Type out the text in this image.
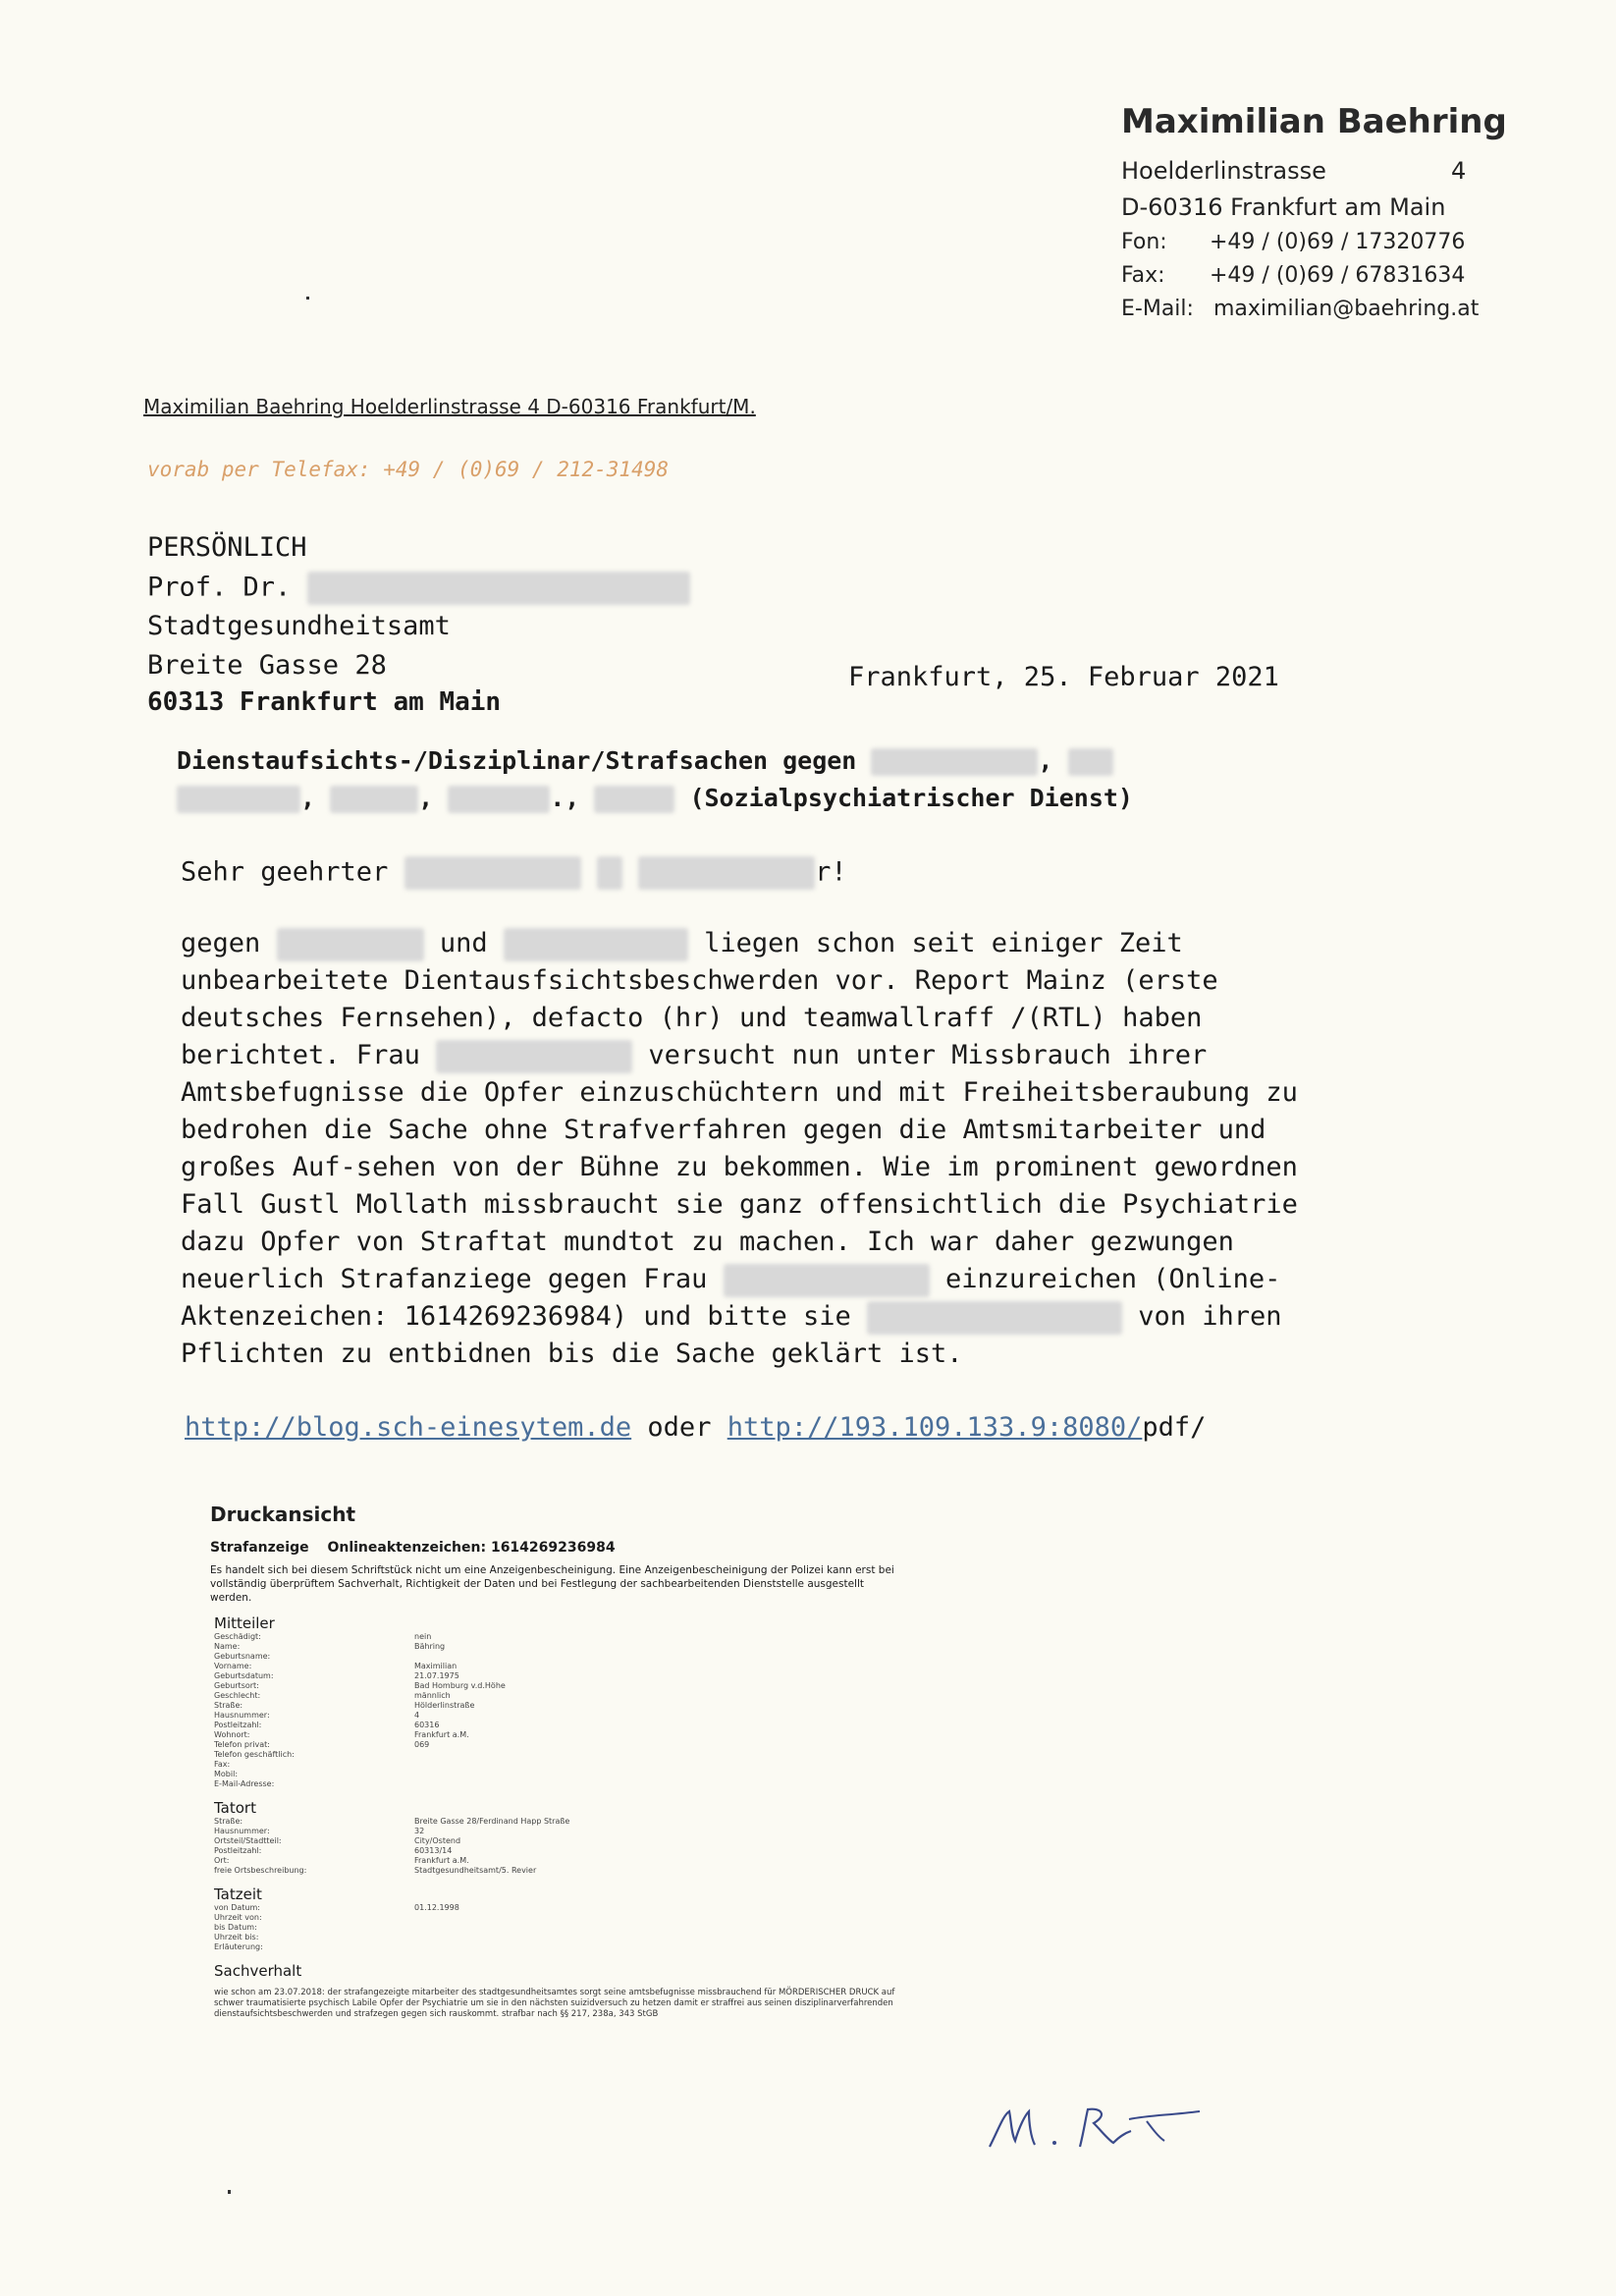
Maximilian Baehring
Hoelderlinstrasse	4
D-60316 Frankfurt am Main
Fon: +49 / (0)69 / 17320776
Fax: +49 / (0)69 / 67831634
E-Mail: maximilian@baehring.at
Maximilian Baehring Hoelderlinstrasse 4 D-60316 Frankfurt/M.
vorab per Telefax: +49 / (0)69 / 212-31498
PERSÖNLICH
Prof. Dr.
Stadtgesundheitsamt
Breite Gasse 28
60313 Frankfurt am Main
Frankfurt, 25. Februar 2021
Dienstaufsichts-/Disziplinar/Strafsachen gegen	,
,	,	.,	(Sozialpsychiatrischer Dienst)
Sehr geehrter	r!
gegen	und	liegen schon seit einiger Zeit
unbearbeitete Dientausfsichtsbeschwerden vor. Report Mainz (erste
deutsches Fernsehen), defacto (hr) und teamwallraff /(RTL) haben
berichtet. Frau	versucht nun unter Missbrauch ihrer
Amtsbefugnisse die Opfer einzuschüchtern und mit Freiheitsberaubung zu
bedrohen die Sache ohne Strafverfahren gegen die Amtsmitarbeiter und
großes Auf-sehen von der Bühne zu bekommen. Wie im prominent gewordnen
Fall Gustl Mollath missbraucht sie ganz offensichtlich die Psychiatrie
dazu Opfer von Straftat mundtot zu machen. Ich war daher gezwungen
neuerlich Strafanziege gegen Frau	einzureichen (Online-
Aktenzeichen: 1614269236984) und bitte sie	von ihren
Pflichten zu entbidnen bis die Sache geklärt ist.
http://blog.sch-einesytem.de oder http://193.109.133.9:8080/pdf/
Druckansicht
Strafanzeige Onlineaktenzeichen: 1614269236984
Es handelt sich bei diesem Schriftstück nicht um eine Anzeigenbescheinigung. Eine Anzeigenbescheinigung der Polizei kann erst bei vollständig überprüftem Sachverhalt, Richtigkeit der Daten und bei Festlegung der sachbearbeitenden Dienststelle ausgestellt werden.
Mitteiler
Geschädigt:	nein
Name:	Bähring
Geburtsname:
Vorname:	Maximilian
Geburtsdatum:	21.07.1975
Geburtsort:	Bad Homburg v.d.Höhe
Geschlecht:	männlich
Straße:	Hölderlinstraße
Hausnummer:	4
Postleitzahl:	60316
Wohnort:	Frankfurt a.M.
Telefon privat:	069
Telefon geschäftlich:
Fax:
Mobil:
E-Mail-Adresse:
Tatort
Straße:	Breite Gasse 28/Ferdinand Happ Straße
Hausnummer:	32
Ortsteil/Stadtteil:	City/Ostend
Postleitzahl:	60313/14
Ort:	Frankfurt a.M.
freie Ortsbeschreibung:	Stadtgesundheitsamt/5. Revier
Tatzeit
von Datum:	01.12.1998
Uhrzeit von:
bis Datum:
Uhrzeit bis:
Erläuterung:
Sachverhalt
wie schon am 23.07.2018: der strafangezeigte mitarbeiter des stadtgesundheitsamtes sorgt seine amtsbefugnisse missbrauchend für MÖRDERISCHER DRUCK auf schwer traumatisierte psychisch Labile Opfer der Psychiatrie um sie in den nächsten suizidversuch zu hetzen damit er straffrei aus seinen disziplinarverfahrenden dienstaufsichtsbeschwerden und strafzegen gegen sich rauskommt. strafbar nach §§ 217, 238a, 343 StGB
